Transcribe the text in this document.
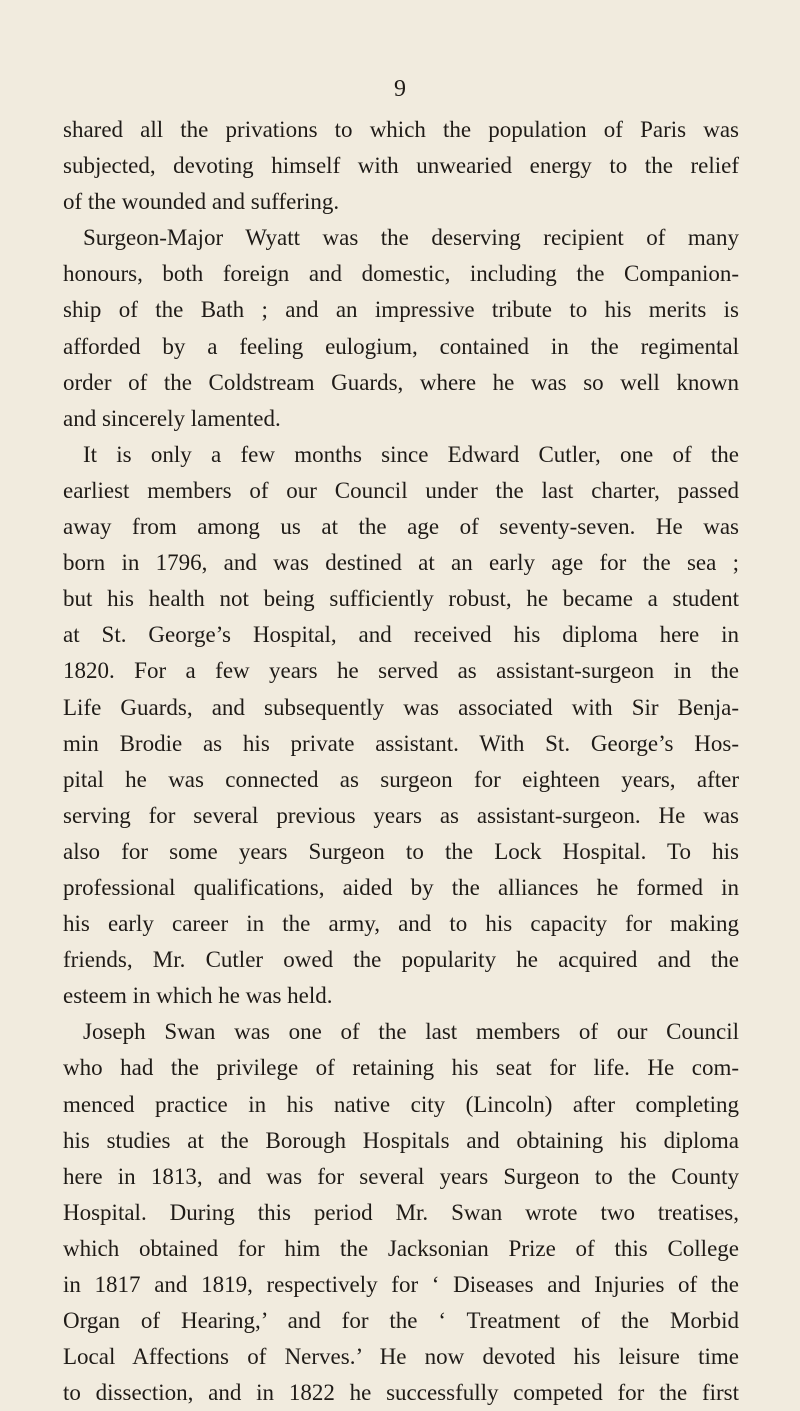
9
shared all the privations to which the population of Paris was
subjected, devoting himself with unwearied energy to the relief
of the wounded and suffering.
Surgeon-Major Wyatt was the deserving recipient of many
honours, both foreign and domestic, including the Companion-
ship of the Bath ; and an impressive tribute to his merits is
afforded by a feeling eulogium, contained in the regimental
order of the Coldstream Guards, where he was so well known
and sincerely lamented.
It is only a few months since Edward Cutler, one of the
earliest members of our Council under the last charter, passed
away from among us at the age of seventy-seven. He was
born in 1796, and was destined at an early age for the sea ;
but his health not being sufficiently robust, he became a student
at St. George’s Hospital, and received his diploma here in
1820. For a few years he served as assistant-surgeon in the
Life Guards, and subsequently was associated with Sir Benja-
min Brodie as his private assistant. With St. George’s Hos-
pital he was connected as surgeon for eighteen years, after
serving for several previous years as assistant-surgeon. He was
also for some years Surgeon to the Lock Hospital. To his
professional qualifications, aided by the alliances he formed in
his early career in the army, and to his capacity for making
friends, Mr. Cutler owed the popularity he acquired and the
esteem in which he was held.
Joseph Swan was one of the last members of our Council
who had the privilege of retaining his seat for life. He com-
menced practice in his native city (Lincoln) after completing
his studies at the Borough Hospitals and obtaining his diploma
here in 1813, and was for several years Surgeon to the County
Hospital. During this period Mr. Swan wrote two treatises,
which obtained for him the Jacksonian Prize of this College
in 1817 and 1819, respectively for ‘ Diseases and Injuries of the
Organ of Hearing,’ and for the ‘ Treatment of the Morbid
Local Affections of Nerves.’ He now devoted his leisure time
to dissection, and in 1822 he successfully competed for the first
